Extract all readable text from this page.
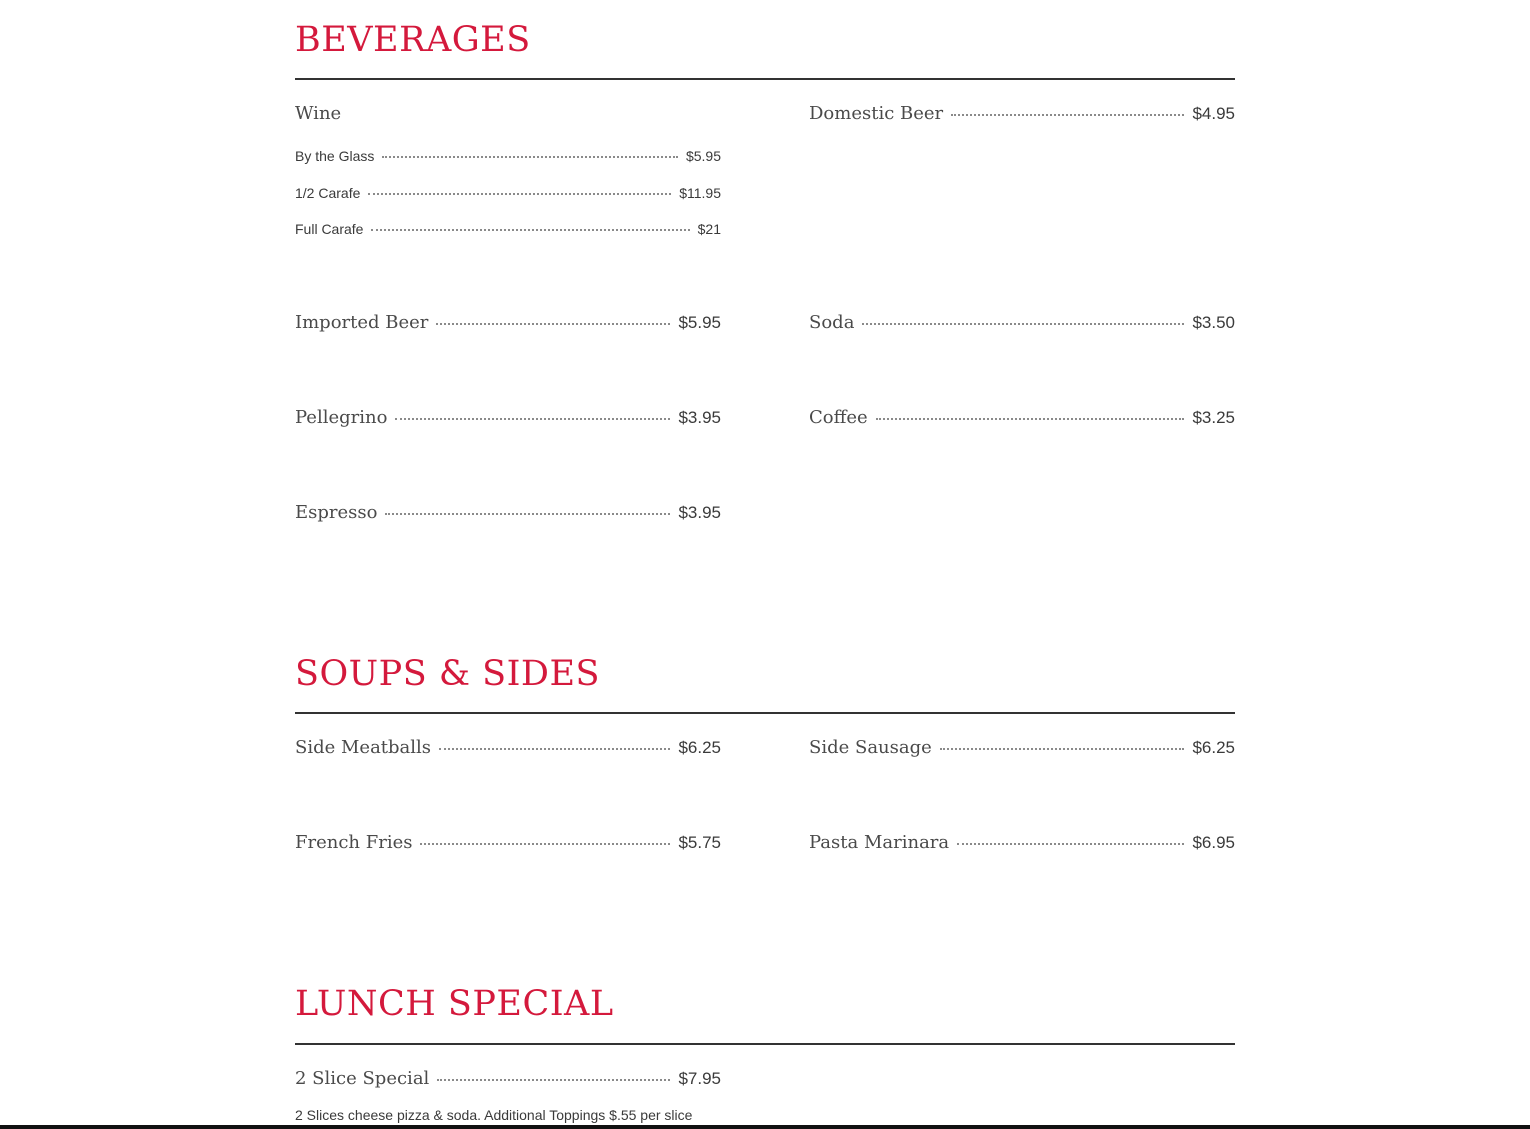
BEVERAGES
Wine
By the Glass	$5.95
1/2 Carafe	$11.95
Full Carafe	$21
Domestic Beer	$4.95
Imported Beer	$5.95	Soda	$3.50
Pellegrino	$3.95	Coffee	$3.25
Espresso	$3.95
SOUPS & SIDES
Side Meatballs	$6.25	Side Sausage	$6.25
French Fries	$5.75	Pasta Marinara	$6.95
LUNCH SPECIAL
2 Slice Special	$7.95
2 Slices cheese pizza & soda. Additional Toppings $.55 per slice
